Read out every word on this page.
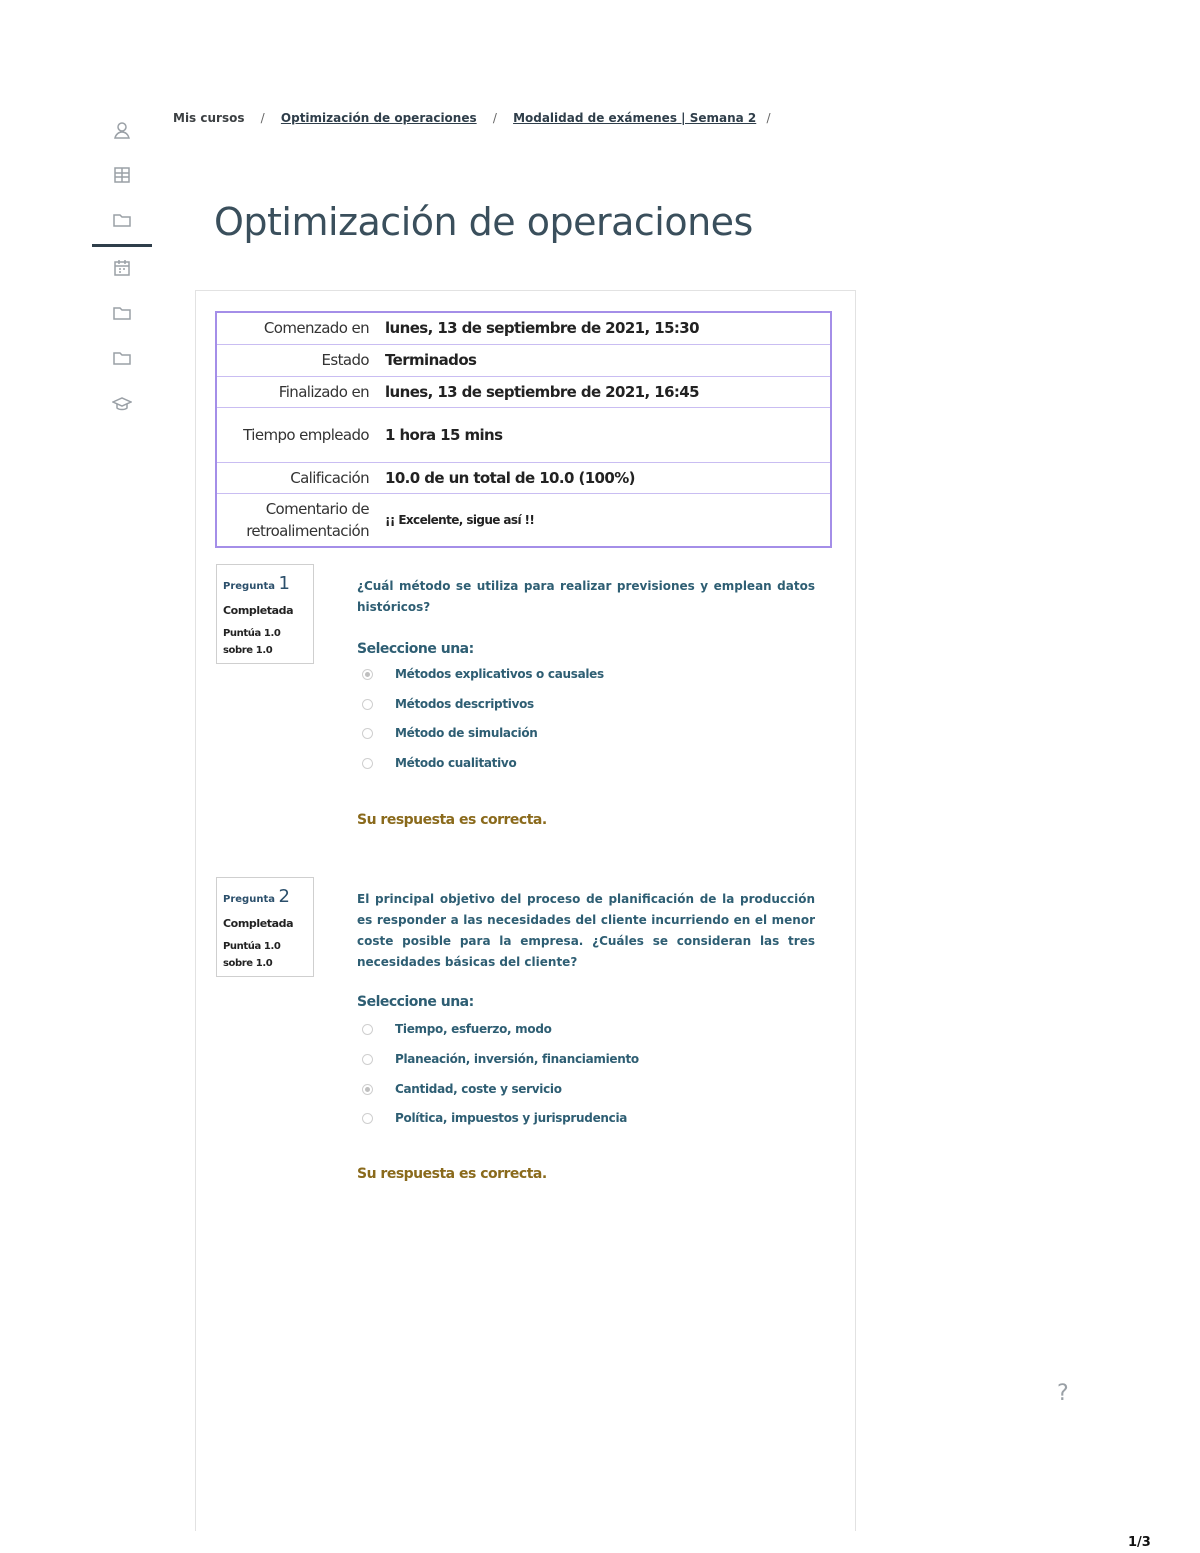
Mis cursos / Optimización de operaciones / Modalidad de exámenes | Semana 2 /
Optimización de operaciones
Comenzado en	lunes, 13 de septiembre de 2021, 15:30
Estado	Terminados
Finalizado en	lunes, 13 de septiembre de 2021, 16:45
Tiempo empleado	1 hora 15 mins
Calificación	10.0 de un total de 10.0 (100%)
Comentario de retroalimentación	¡¡ Excelente, sigue así !!
Pregunta 1
Completada
Puntúa 1.0 sobre 1.0

¿Cuál método se utiliza para realizar previsiones y emplean datos históricos?

Seleccione una:
Métodos explicativos o causales
Métodos descriptivos
Método de simulación
Método cualitativo
Su respuesta es correcta.
Pregunta 2
Completada
Puntúa 1.0 sobre 1.0

El principal objetivo del proceso de planificación de la producción es responder a las necesidades del cliente incurriendo en el menor coste posible para la empresa. ¿Cuáles se consideran las tres necesidades básicas del cliente?

Seleccione una:
Tiempo, esfuerzo, modo
Planeación, inversión, financiamiento
Cantidad, coste y servicio
Política, impuestos y jurisprudencia
Su respuesta es correcta.
?
1/3
